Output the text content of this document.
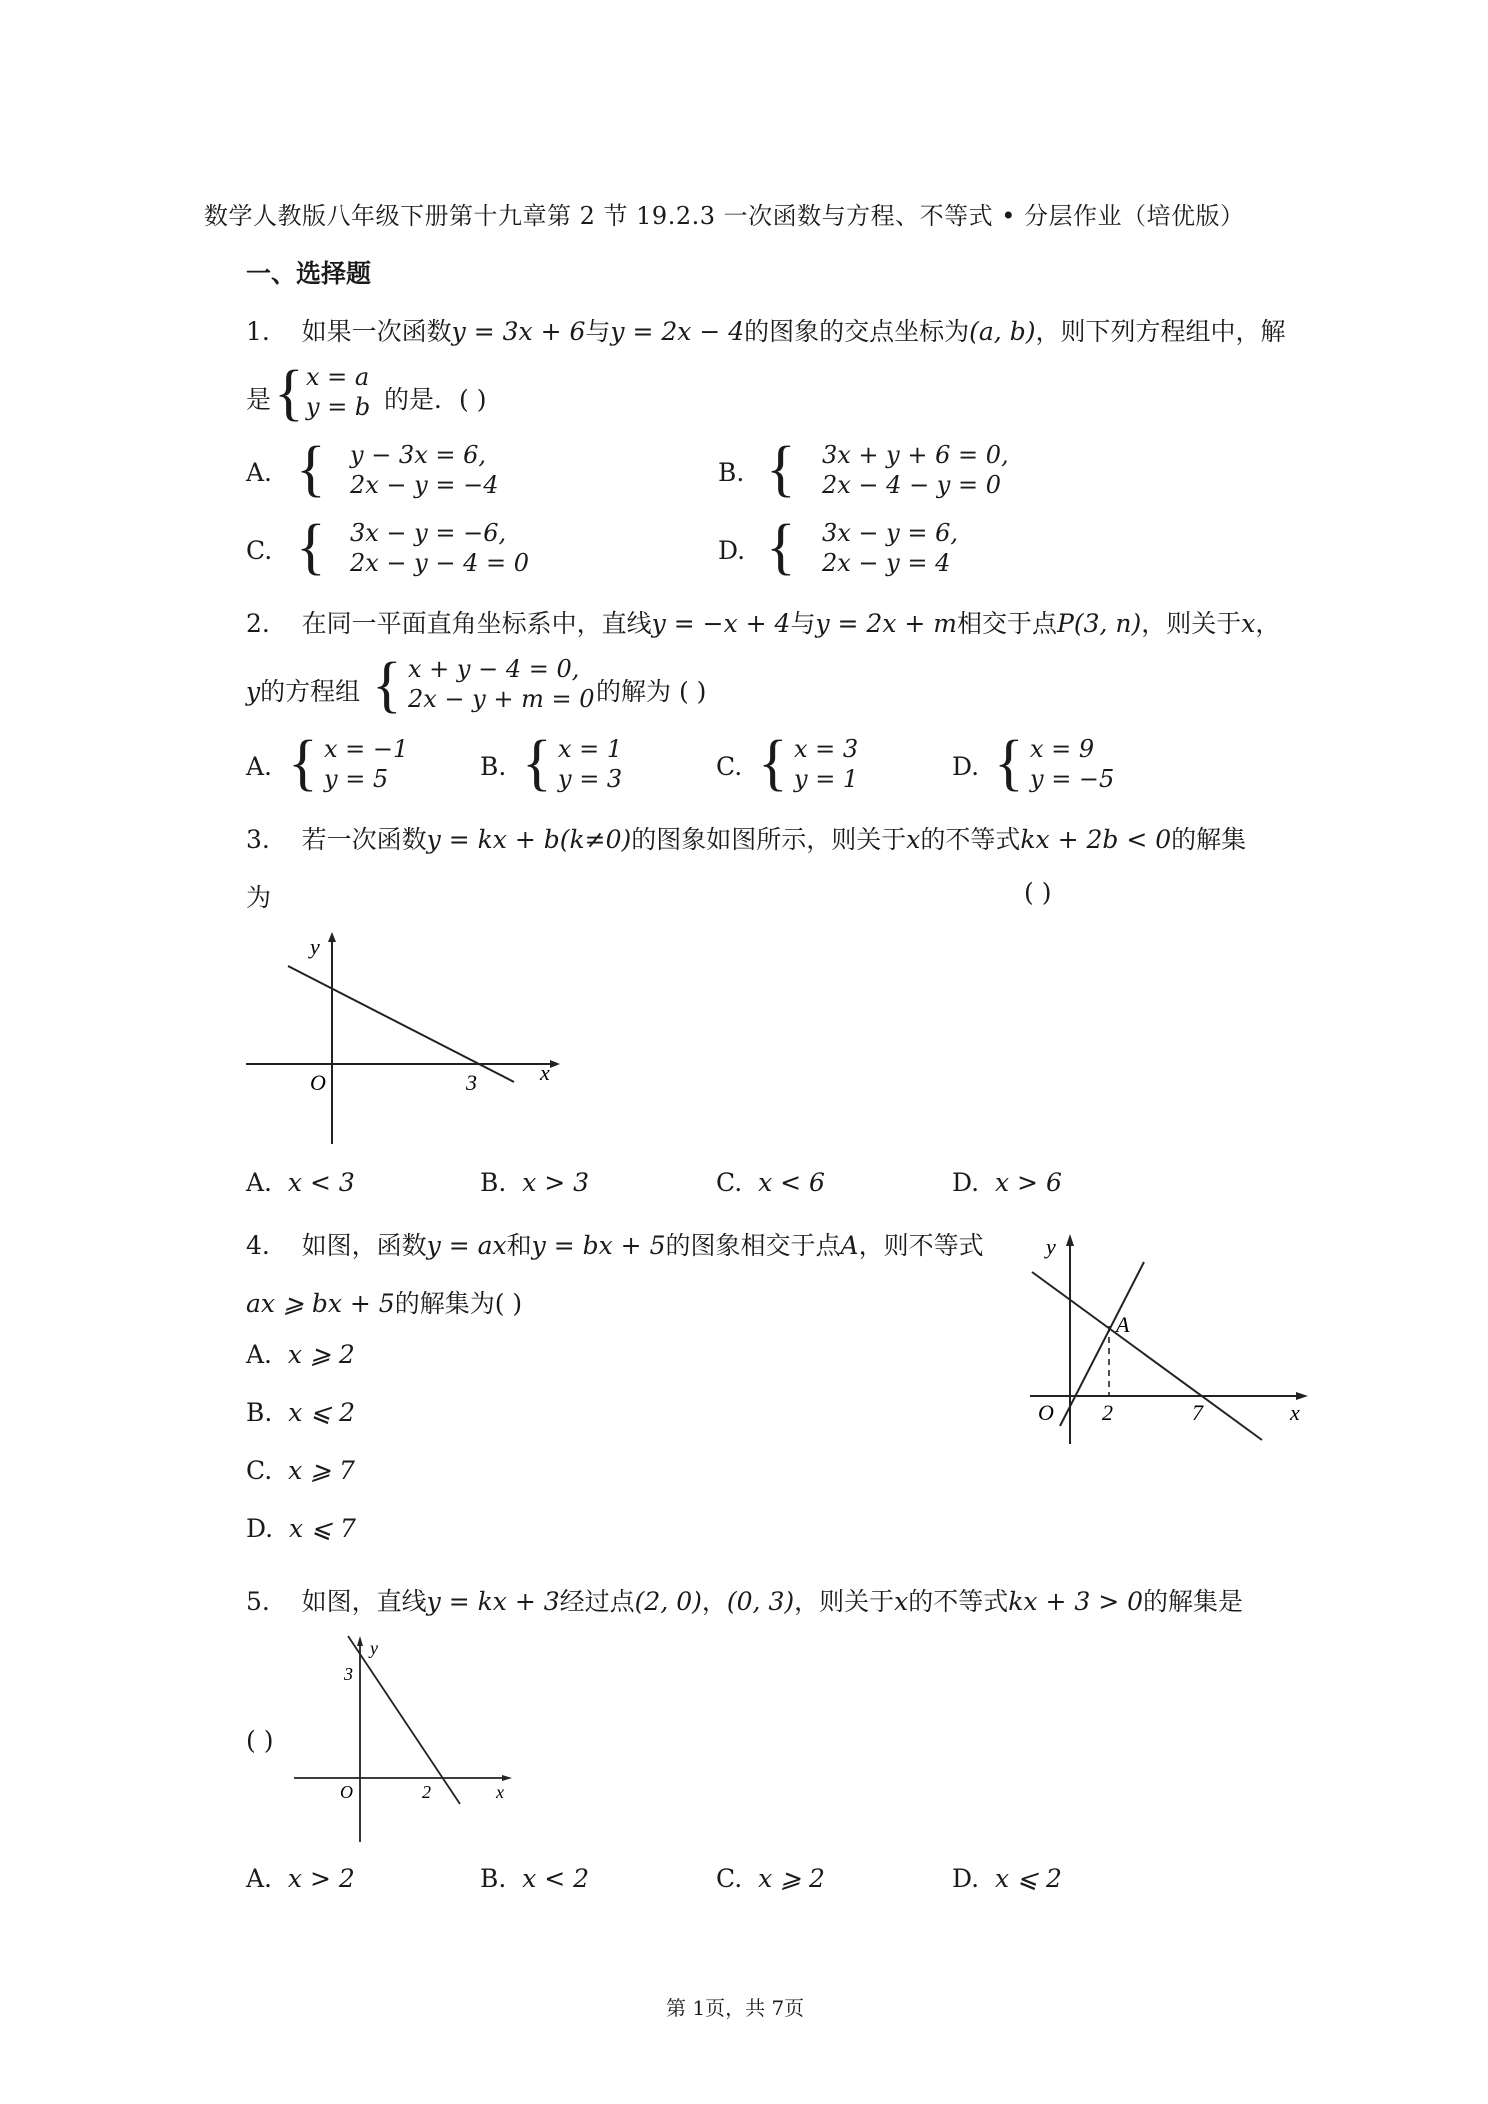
数学人教版八年级下册第十九章第 2 节 19.2.3 一次函数与方程、不等式 • 分层作业（培优版）
一、选择题
1. 如果一次函数y = 3x + 6与y = 2x − 4的图象的交点坐标为(a, b)，则下列方程组中，解
是 { x = a
y = b 的是．( )
A. { y − 3x = 6,
2x − y = −4	B. { 3x + y + 6 = 0,
2x − 4 − y = 0
C. { 3x − y = −6,
2x − y − 4 = 0	D. { 3x − y = 6,
2x − y = 4
2. 在同一平面直角坐标系中，直线y = −x + 4与y = 2x + m相交于点P(3, n)，则关于x，
y的方程组 { x + y − 4 = 0,
2x − y + m = 0 的解为 ( )
A. { x = −1
y = 5	B. { x = 1
y = 3	C. { x = 3
y = 1	D. { x = 9
y = −5
3. 若一次函数y = kx + b(k≠0)的图象如图所示，则关于x的不等式kx + 2b < 0的解集
为	( )
y
x
O	3
A. x < 3	B. x > 3	C. x < 6	D. x > 6
4. 如图，函数y = ax和y = bx + 5的图象相交于点A，则不等式
ax ⩾ bx + 5的解集为( )
y
x
O
A
2	7
A. x ⩾ 2
B. x ⩽ 2
C. x ⩾ 7
D. x ⩽ 7
5. 如图，直线y = kx + 3经过点(2, 0)，(0, 3)，则关于x的不等式kx + 3 > 0的解集是
( )
y
x
O
3
2
A. x > 2	B. x < 2	C. x ⩾ 2	D. x ⩽ 2
第 1页，共 7页
